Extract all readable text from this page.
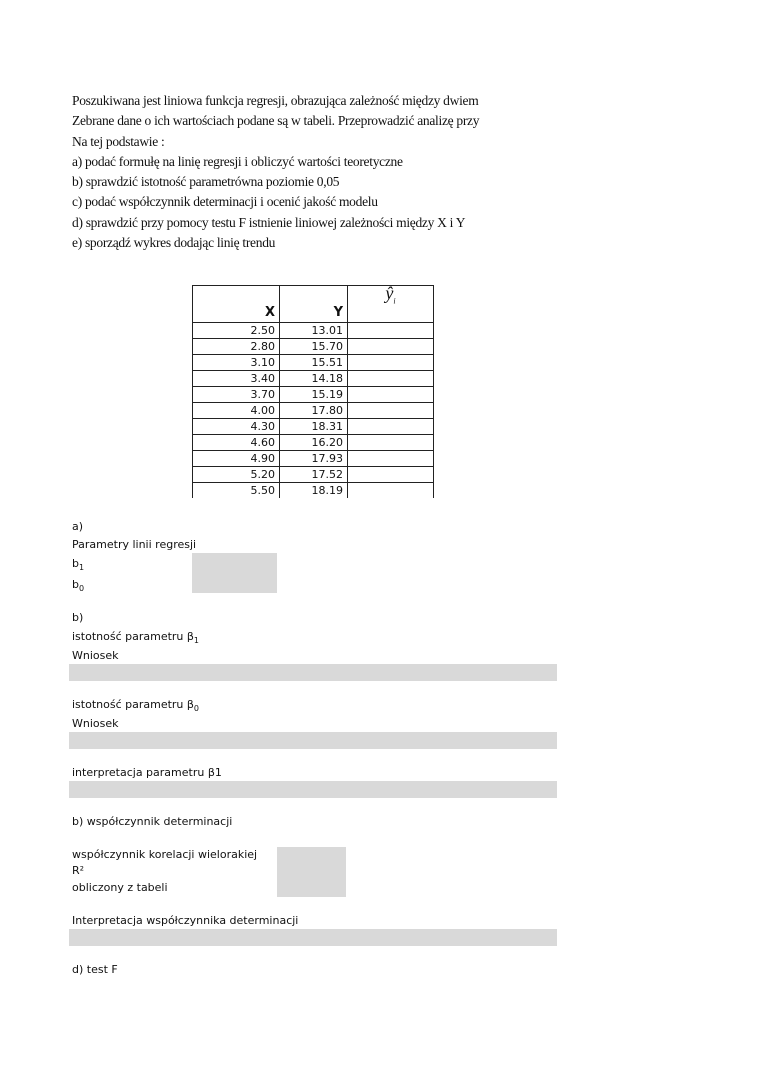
Poszukiwana jest liniowa funkcja regresji, obrazująca zależność między dwiem
Zebrane dane o ich wartościach podane są w tabeli. Przeprowadzić analizę przy
Na tej podstawie :
a) podać formułę na linię regresji i obliczyć wartości teoretyczne
b) sprawdzić istotność parametrówna poziomie 0,05
c) podać współczynnik determinacji i ocenić jakość modelu
d) sprawdzić przy pomocy testu F istnienie liniowej zależności między X i Y
e) sporządź wykres dodając linię trendu
X	Y	$ŷ_i$
2.50	13.01	
2.80	15.70	
3.10	15.51	
3.40	14.18	
3.70	15.19	
4.00	17.80	
4.30	18.31	
4.60	16.20	
4.90	17.93	
5.20	17.52	
5.50	18.19	
a)
Parametry linii regresji
$b_1$
$b_0$
b)
istotność parametru $\beta_1$
Wniosek
istotność parametru $\beta_0$
Wniosek
interpretacja parametru β1
b) współczynnik determinacji
współczynnik korelacji wielorakiej
R²
obliczony z tabeli
Interpretacja współczynnika determinacji
d) test F
